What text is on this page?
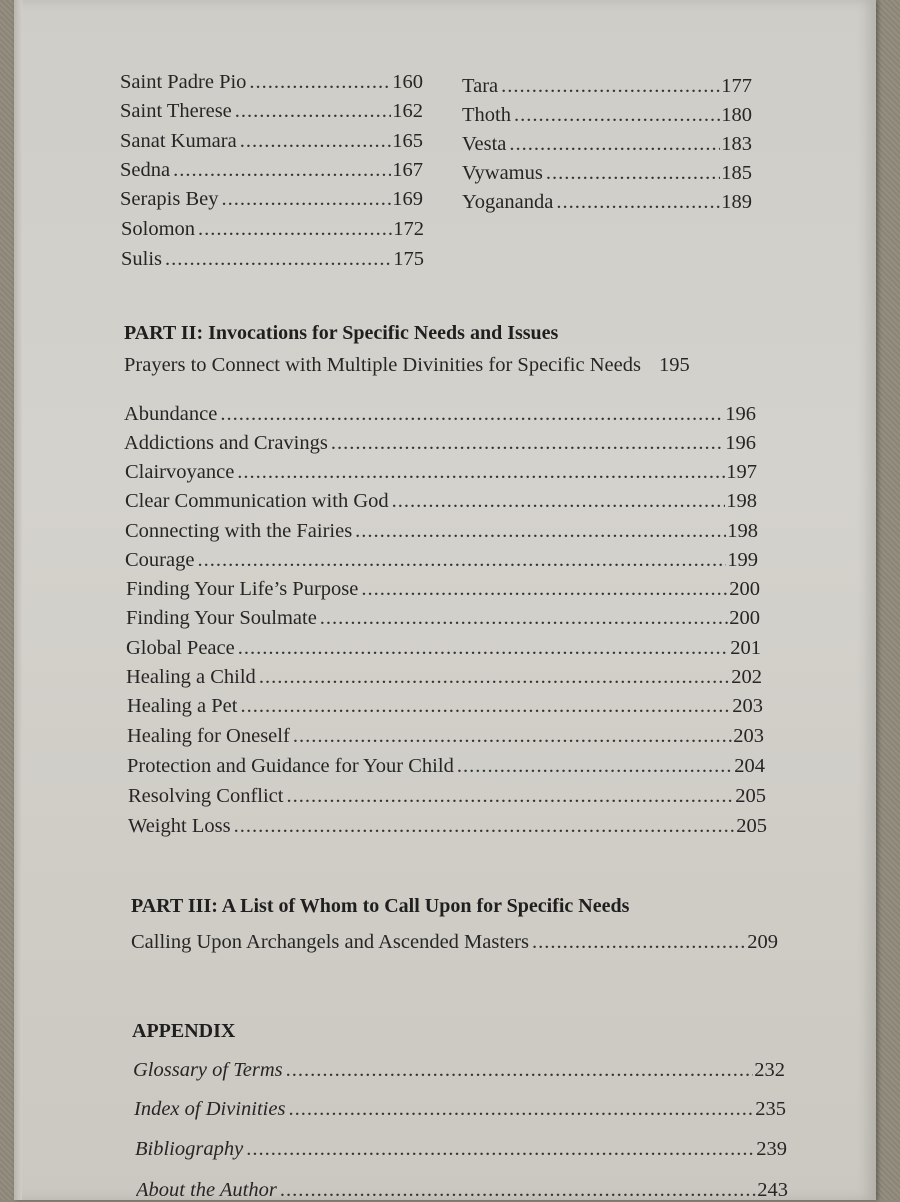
Saint Padre Pio .....	160
Saint Therese .....	162
Sanat Kumara .....	165
Sedna .....	167
Serapis Bey .....	169
Solomon .....	172
Sulis .....	175
Tara .....	177
Thoth .....	180
Vesta .....	183
Vywamus .....	185
Yogananda .....	189
PART II: Invocations for Specific Needs and Issues
Prayers to Connect with Multiple Divinities for Specific Needs 195
Abundance .....	196
Addictions and Cravings .....	196
Clairvoyance .....	197
Clear Communication with God .....	198
Connecting with the Fairies .....	198
Courage .....	199
Finding Your Life’s Purpose .....	200
Finding Your Soulmate .....	200
Global Peace .....	201
Healing a Child .....	202
Healing a Pet .....	203
Healing for Oneself .....	203
Protection and Guidance for Your Child .....	204
Resolving Conflict .....	205
Weight Loss .....	205
PART III: A List of Whom to Call Upon for Specific Needs
Calling Upon Archangels and Ascended Masters .....	209
APPENDIX
Glossary of Terms .....	232
Index of Divinities .....	235
Bibliography .....	239
About the Author .....	243
